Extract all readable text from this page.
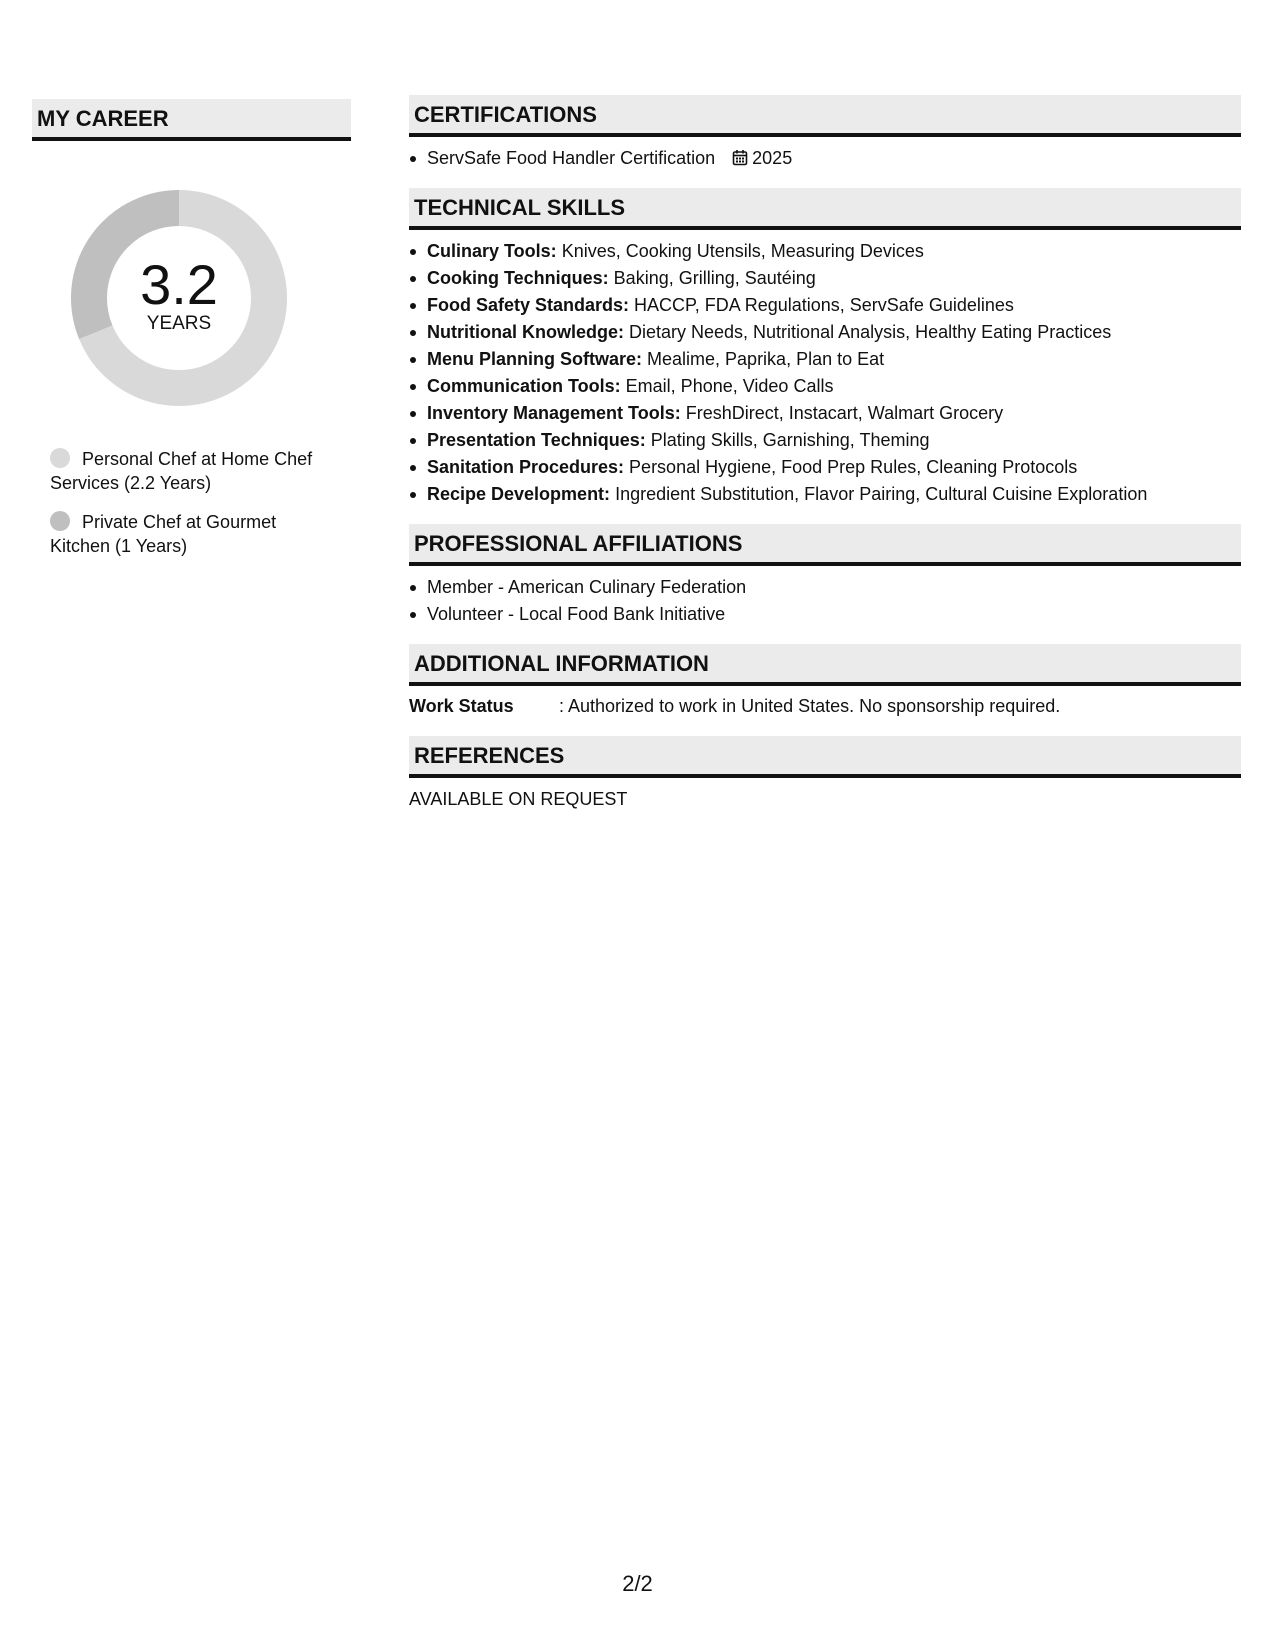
MY CAREER
3.2
YEARS
Personal Chef at Home Chef Services (2.2 Years)
Private Chef at Gourmet Kitchen (1 Years)
CERTIFICATIONS
ServSafe Food Handler Certification 2025
TECHNICAL SKILLS
Culinary Tools: Knives, Cooking Utensils, Measuring Devices
Cooking Techniques: Baking, Grilling, Sautéing
Food Safety Standards: HACCP, FDA Regulations, ServSafe Guidelines
Nutritional Knowledge: Dietary Needs, Nutritional Analysis, Healthy Eating Practices
Menu Planning Software: Mealime, Paprika, Plan to Eat
Communication Tools: Email, Phone, Video Calls
Inventory Management Tools: FreshDirect, Instacart, Walmart Grocery
Presentation Techniques: Plating Skills, Garnishing, Theming
Sanitation Procedures: Personal Hygiene, Food Prep Rules, Cleaning Protocols
Recipe Development: Ingredient Substitution, Flavor Pairing, Cultural Cuisine Exploration
PROFESSIONAL AFFILIATIONS
Member - American Culinary Federation
Volunteer - Local Food Bank Initiative
ADDITIONAL INFORMATION
Work Status	: Authorized to work in United States. No sponsorship required.
REFERENCES
AVAILABLE ON REQUEST
2/2
